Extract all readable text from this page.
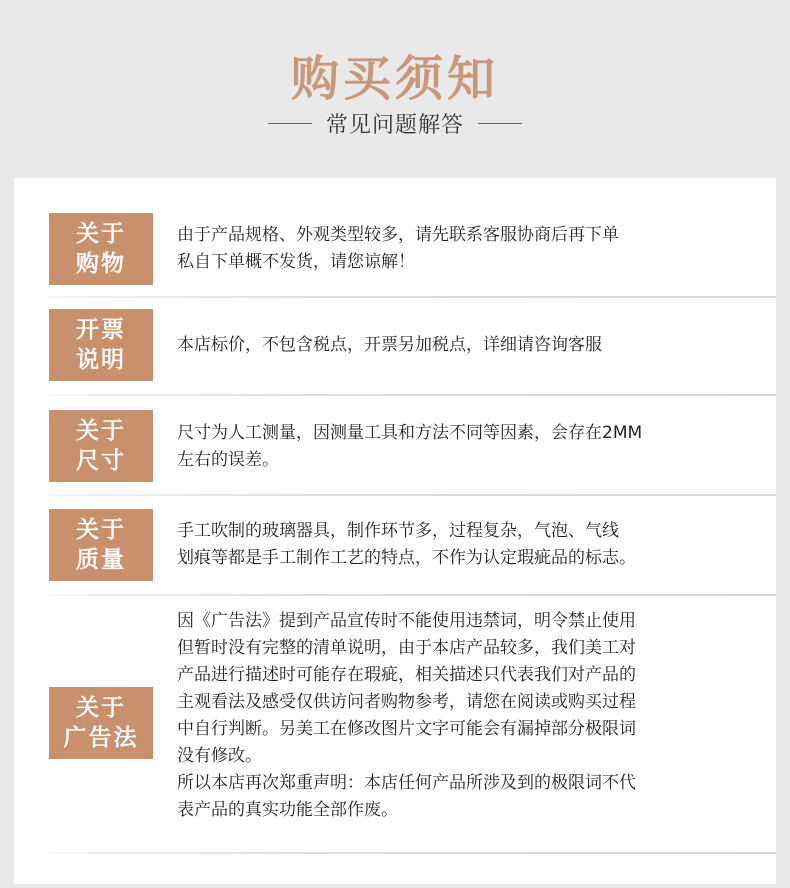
购买须知
常见问题解答
关于
购物
由于产品规格、外观类型较多，请先联系客服协商后再下单
私自下单概不发货，请您谅解！
开票
说明
本店标价，不包含税点，开票另加税点，详细请咨询客服
关于
尺寸
尺寸为人工测量，因测量工具和方法不同等因素，会存在2MM
左右的误差。
关于
质量
手工吹制的玻璃器具，制作环节多，过程复杂，气泡、气线
划痕等都是手工制作工艺的特点，不作为认定瑕疵品的标志。
关于
广告法
因《广告法》提到产品宣传时不能使用违禁词，明令禁止使用
但暂时没有完整的清单说明，由于本店产品较多，我们美工对
产品进行描述时可能存在瑕疵，相关描述只代表我们对产品的
主观看法及感受仅供访问者购物参考，请您在阅读或购买过程
中自行判断。另美工在修改图片文字可能会有漏掉部分极限词
没有修改。
所以本店再次郑重声明：本店任何产品所涉及到的极限词不代
表产品的真实功能全部作废。
